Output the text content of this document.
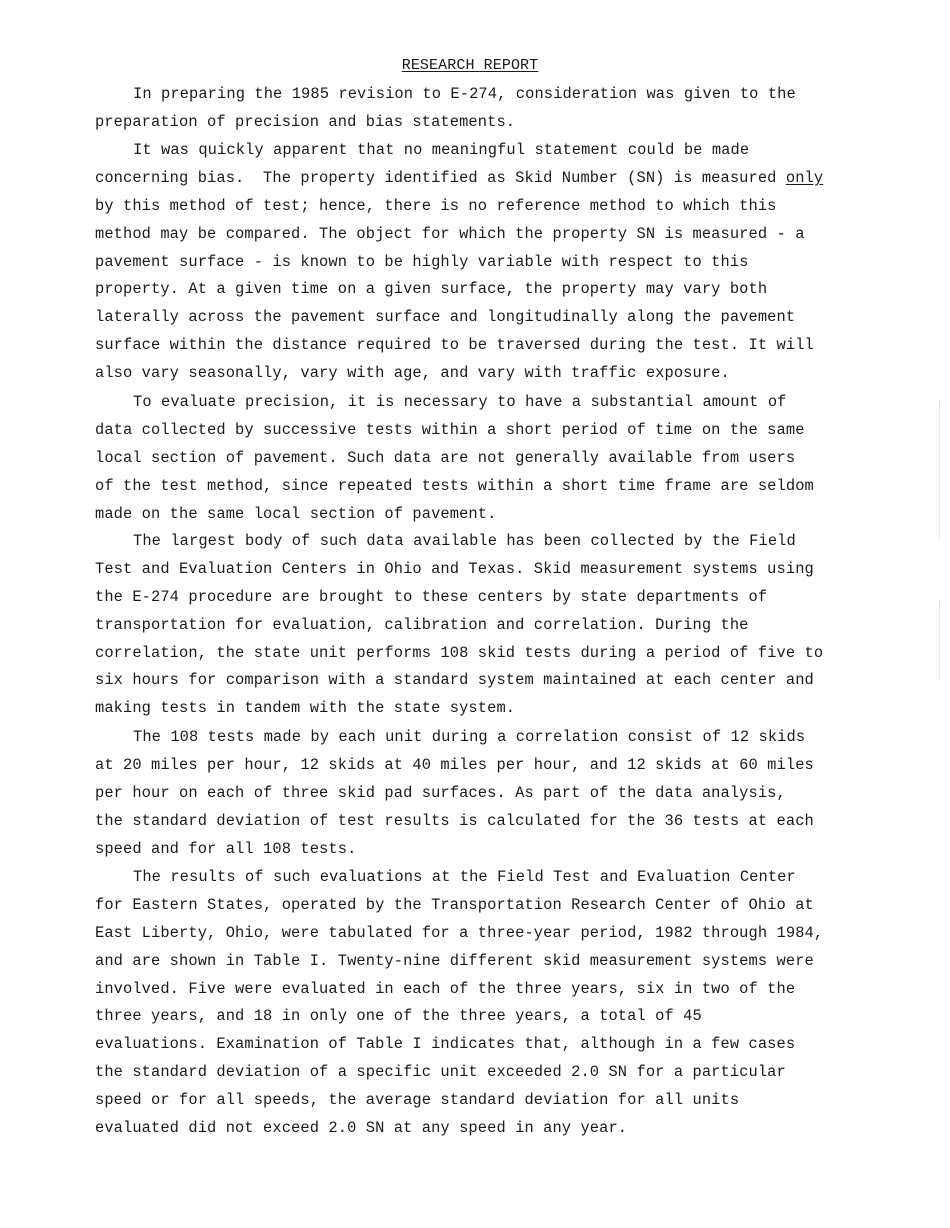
RESEARCH REPORT
In preparing the 1985 revision to E-274, consideration was given to the
preparation of precision and bias statements.
It was quickly apparent that no meaningful statement could be made
concerning bias.  The property identified as Skid Number (SN) is measured only
by this method of test; hence, there is no reference method to which this
method may be compared. The object for which the property SN is measured - a
pavement surface - is known to be highly variable with respect to this
property. At a given time on a given surface, the property may vary both
laterally across the pavement surface and longitudinally along the pavement
surface within the distance required to be traversed during the test. It will
also vary seasonally, vary with age, and vary with traffic exposure.
To evaluate precision, it is necessary to have a substantial amount of
data collected by successive tests within a short period of time on the same
local section of pavement. Such data are not generally available from users
of the test method, since repeated tests within a short time frame are seldom
made on the same local section of pavement.
The largest body of such data available has been collected by the Field
Test and Evaluation Centers in Ohio and Texas. Skid measurement systems using
the E-274 procedure are brought to these centers by state departments of
transportation for evaluation, calibration and correlation. During the
correlation, the state unit performs 108 skid tests during a period of five to
six hours for comparison with a standard system maintained at each center and
making tests in tandem with the state system.
The 108 tests made by each unit during a correlation consist of 12 skids
at 20 miles per hour, 12 skids at 40 miles per hour, and 12 skids at 60 miles
per hour on each of three skid pad surfaces. As part of the data analysis,
the standard deviation of test results is calculated for the 36 tests at each
speed and for all 108 tests.
The results of such evaluations at the Field Test and Evaluation Center
for Eastern States, operated by the Transportation Research Center of Ohio at
East Liberty, Ohio, were tabulated for a three-year period, 1982 through 1984,
and are shown in Table I. Twenty-nine different skid measurement systems were
involved. Five were evaluated in each of the three years, six in two of the
three years, and 18 in only one of the three years, a total of 45
evaluations. Examination of Table I indicates that, although in a few cases
the standard deviation of a specific unit exceeded 2.0 SN for a particular
speed or for all speeds, the average standard deviation for all units
evaluated did not exceed 2.0 SN at any speed in any year.
